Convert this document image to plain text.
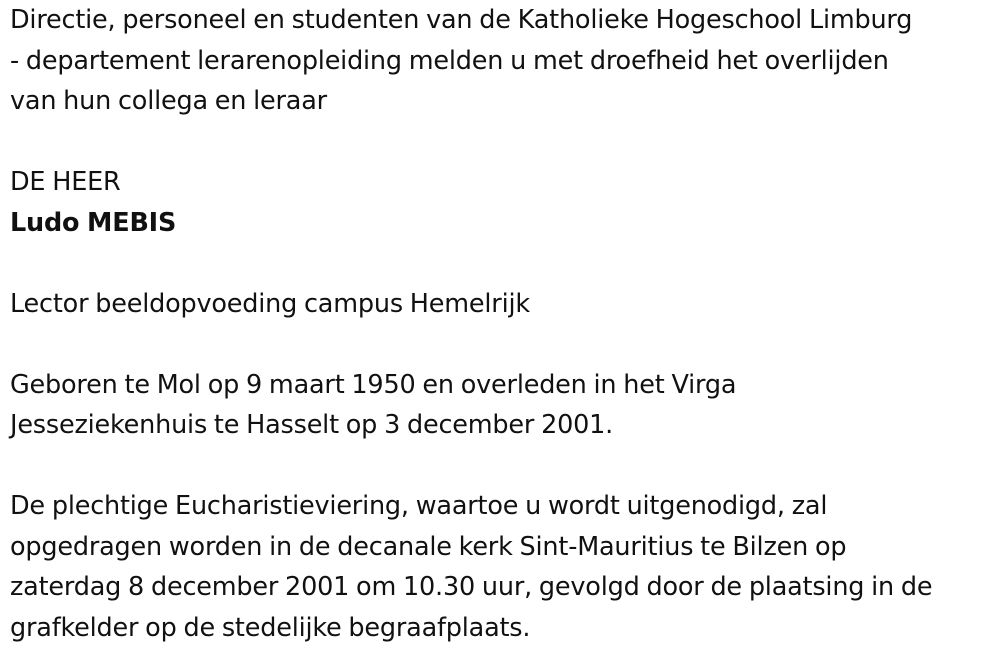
Directie, personeel en studenten van de Katholieke Hogeschool Limburg
- departement lerarenopleiding melden u met droefheid het overlijden
van hun collega en leraar

DE HEER

Ludo MEBIS

Lector beeldopvoeding campus Hemelrijk

Geboren te Mol op 9 maart 1950 en overleden in het Virga
Jesseziekenhuis te Hasselt op 3 december 2001.

De plechtige Eucharistieviering, waartoe u wordt uitgenodigd, zal
opgedragen worden in de decanale kerk Sint-Mauritius te Bilzen op
zaterdag 8 december 2001 om 10.30 uur, gevolgd door de plaatsing in de
grafkelder op de stedelijke begraafplaats.
